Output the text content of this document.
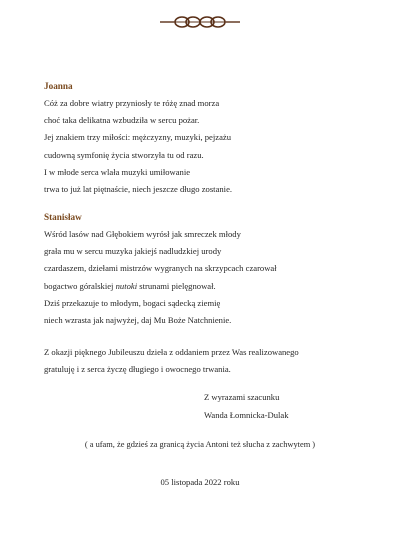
Joanna
Cóż za dobre wiatry przyniosły te różę znad morza
choć taka delikatna wzbudziła w sercu pożar.
Jej znakiem trzy miłości: mężczyzny, muzyki, pejzażu
cudowną symfonię życia stworzyła tu od razu.
I w młode serca wlała muzyki umiłowanie
trwa to już lat piętnaście, niech jeszcze długo zostanie.
Stanisław
Wśród lasów nad Głębokiem wyrósł jak smreczek młody
grała mu w sercu muzyka jakiejś nadludzkiej urody
czardaszem, dziełami mistrzów wygranych na skrzypcach czarował
bogactwo góralskiej nutoki strunami pielęgnował.
Dziś przekazuje to młodym, bogaci sądecką ziemię
niech wzrasta jak najwyżej, daj Mu Boże Natchnienie.
Z okazji pięknego Jubileuszu dzieła z oddaniem przez Was realizowanego
gratuluję i z serca życzę długiego i owocnego trwania.
Z wyrazami szacunku
Wanda Łomnicka-Dulak
( a ufam, że gdzieś za granicą życia Antoni też słucha z zachwytem )
05 listopada 2022 roku
